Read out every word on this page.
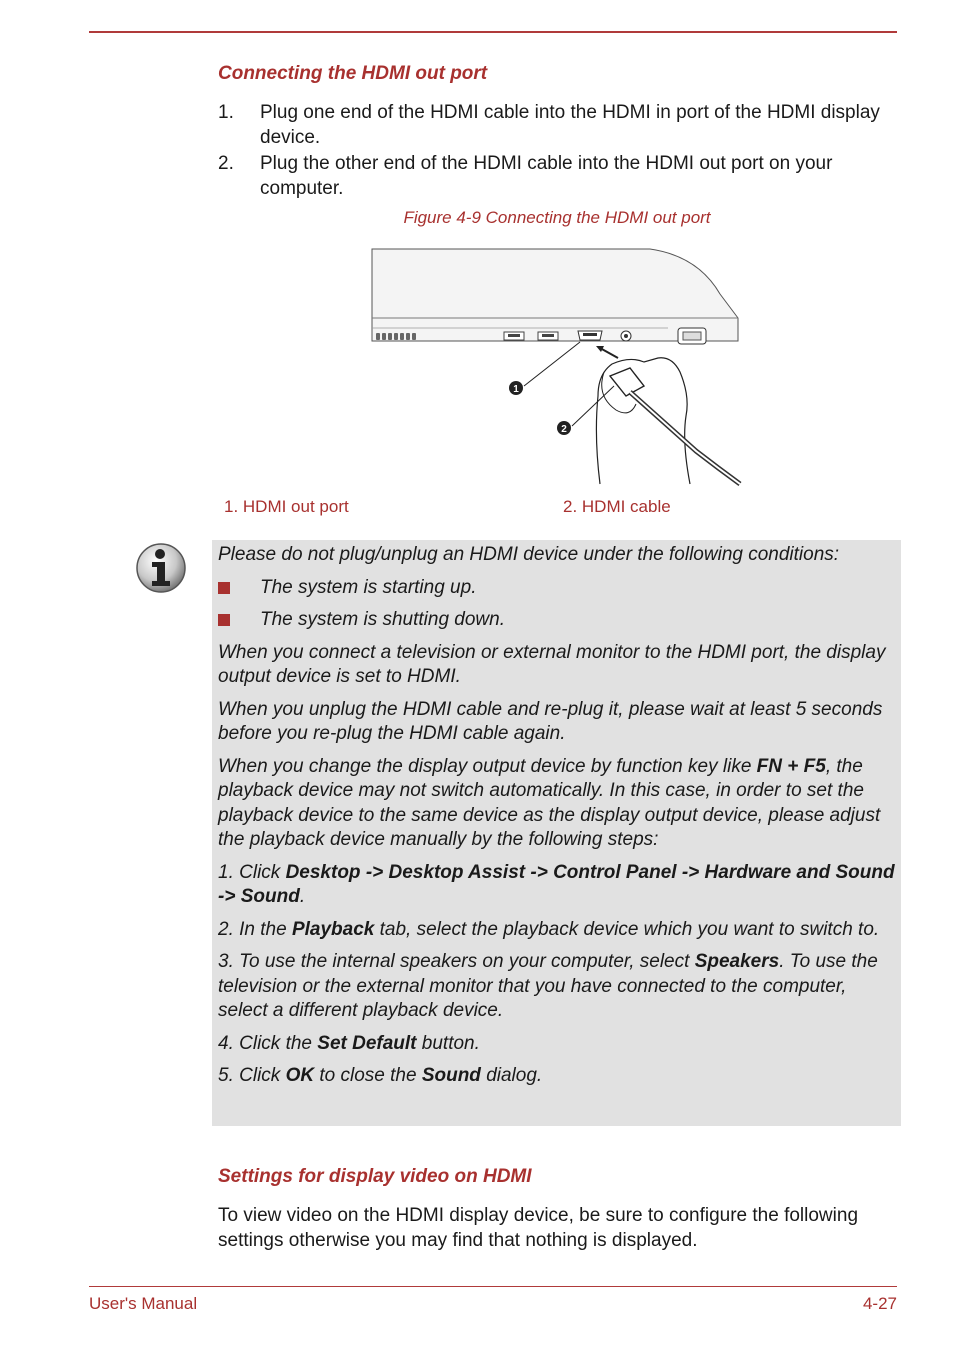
Connecting the HDMI out port
1.	Plug one end of the HDMI cable into the HDMI in port of the HDMI display device.
2.	Plug the other end of the HDMI cable into the HDMI out port on your computer.
Figure 4-9 Connecting the HDMI out port
1
2
1. HDMI out port	2. HDMI cable

Please do not plug/unplug an HDMI device under the following conditions:

The system is starting up.
The system is shutting down.

When you connect a television or external monitor to the HDMI port, the display output device is set to HDMI.

When you unplug the HDMI cable and re-plug it, please wait at least 5 seconds before you re-plug the HDMI cable again.

When you change the display output device by function key like FN + F5, the playback device may not switch automatically. In this case, in order to set the playback device to the same device as the display output device, please adjust the playback device manually by the following steps:

1. Click Desktop -> Desktop Assist -> Control Panel -> Hardware and Sound -> Sound.

2. In the Playback tab, select the playback device which you want to switch to.

3. To use the internal speakers on your computer, select Speakers. To use the television or the external monitor that you have connected to the computer, select a different playback device.

4. Click the Set Default button.

5. Click OK to close the Sound dialog.

Settings for display video on HDMI

To view video on the HDMI display device, be sure to configure the following settings otherwise you may find that nothing is displayed.

User's Manual	4-27
